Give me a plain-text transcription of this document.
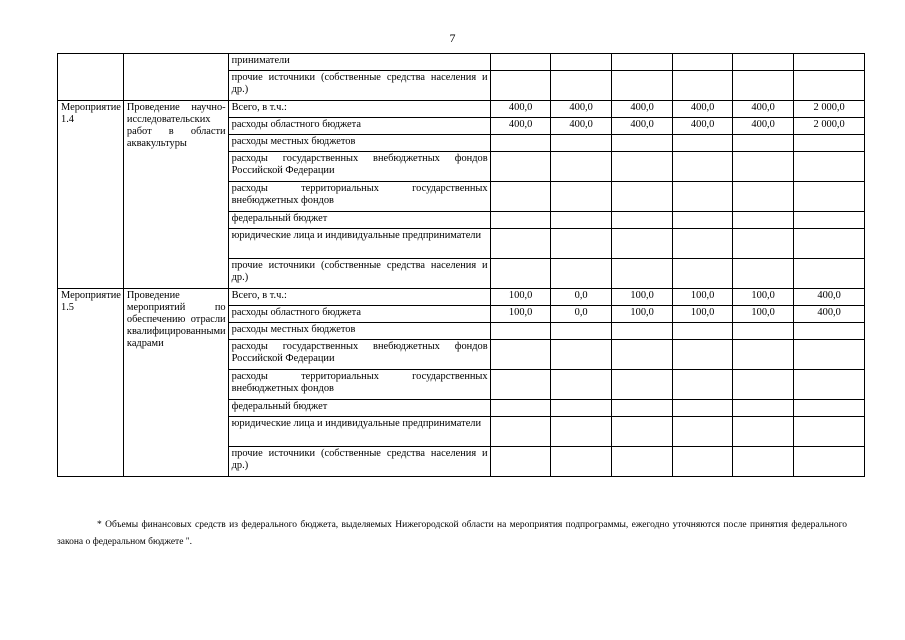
7
		приниматели						
		прочие источники (собственные средства населения и др.)						
Мероприятие 1.4	Проведение научно-исследовательских работ в области аквакультуры	Всего, в т.ч.:	400,0	400,0	400,0	400,0	400,0	2 000,0
		расходы областного бюджета	400,0	400,0	400,0	400,0	400,0	2 000,0
		расходы местных бюджетов						
		расходы государственных внебюджетных фондов Российской Федерации						
		расходы территориальных государственных внебюджетных фондов						
		федеральный бюджет						
		юридические лица и индивидуальные предприниматели						
		прочие источники (собственные средства населения и др.)						
Мероприятие 1.5	Проведение мероприятий по обеспечению отрасли квалифицированными кадрами	Всего, в т.ч.:	100,0	0,0	100,0	100,0	100,0	400,0
		расходы областного бюджета	100,0	0,0	100,0	100,0	100,0	400,0
		расходы местных бюджетов						
		расходы государственных внебюджетных фондов Российской Федерации						
		расходы территориальных государственных внебюджетных фондов						
		федеральный бюджет						
		юридические лица и индивидуальные предприниматели						
		прочие источники (собственные средства населения и др.)						
* Объемы финансовых средств из федерального бюджета, выделяемых Нижегородской области на мероприятия подпрограммы, ежегодно уточняются после принятия федерального закона о федеральном бюджете ".
